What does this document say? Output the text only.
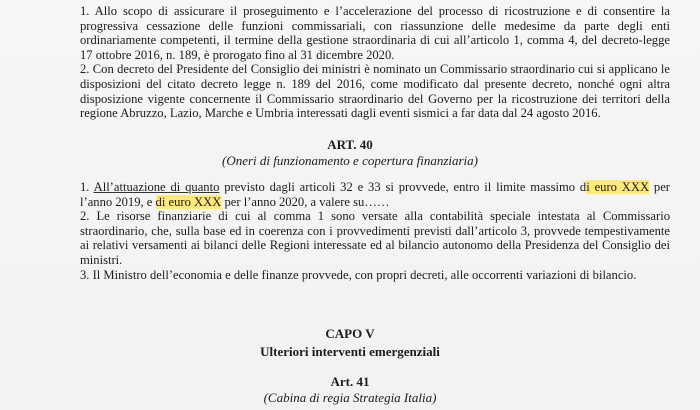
1. Allo scopo di assicurare il proseguimento e l’accelerazione del processo di ricostruzione e di consentire la progressiva cessazione delle funzioni commissariali, con riassunzione delle medesime da parte degli enti ordinariamente competenti, il termine della gestione straordinaria di cui all’articolo 1, comma 4, del decreto-legge 17 ottobre 2016, n. 189, è prorogato fino al 31 dicembre 2020.

2. Con decreto del Presidente del Consiglio dei ministri è nominato un Commissario straordinario cui si applicano le disposizioni del citato decreto legge n. 189 del 2016, come modificato dal presente decreto, nonché ogni altra disposizione vigente concernente il Commissario straordinario del Governo per la ricostruzione dei territori della regione Abruzzo, Lazio, Marche e Umbria interessati dagli eventi sismici a far data dal 24 agosto 2016.

ART. 40
(Oneri di funzionamento e copertura finanziaria)

1. All’attuazione di quanto previsto dagli articoli 32 e 33 si provvede, entro il limite massimo di euro XXX per l’anno 2019, e di euro XXX per l’anno 2020, a valere su……

2. Le risorse finanziarie di cui al comma 1 sono versate alla contabilità speciale intestata al Commissario straordinario, che, sulla base ed in coerenza con i provvedimenti previsti dall’articolo 3, provvede tempestivamente ai relativi versamenti ai bilanci delle Regioni interessate ed al bilancio autonomo della Presidenza del Consiglio dei ministri.

3. Il Ministro dell’economia e delle finanze provvede, con propri decreti, alle occorrenti variazioni di bilancio.

CAPO V
Ulteriori interventi emergenziali
Art. 41
(Cabina di regia Strategia Italia)
